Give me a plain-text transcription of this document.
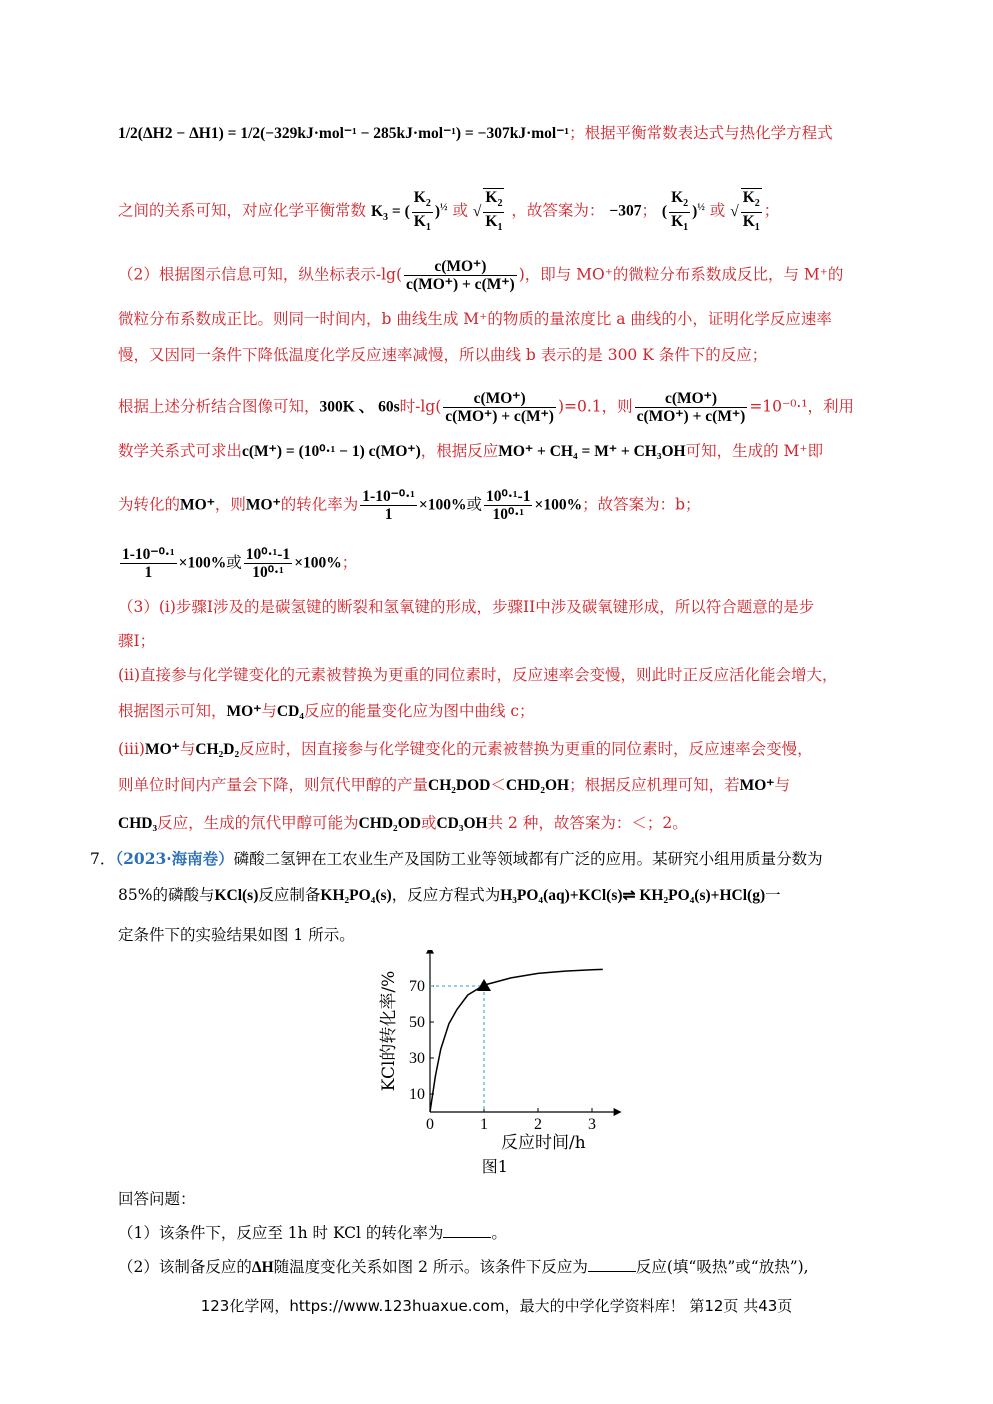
1/2(ΔH2 − ΔH1) = 1/2(−329kJ·mol⁻¹ − 285kJ·mol⁻¹) = −307kJ·mol⁻¹；根据平衡常数表达式与热化学方程式
之间的关系可知，对应化学平衡常数 $K_3$ = ( $\frac{K_2}{K_1} )^{\frac{1}{2}}$ 或 √ $\frac{K_2}{K_1}$ ，故答案为： −307； ( $\frac{K_2}{K_1} )^{\frac{1}{2}}$ 或 √ $\frac{K_2}{K_1}$ ；
（2）根据图示信息可知，纵坐标表示$-\lg( \frac{c(MO^+)}{c(MO^+) + c(M^+)}$ )，即与 MO⁺的微粒分布系数成反比，与 M⁺的
微粒分布系数成正比。则同一时间内，b 曲线生成 M⁺的物质的量浓度比 a 曲线的小，证明化学反应速率
慢，又因同一条件下降低温度化学反应速率减慢，所以曲线 b 表示的是 300 K 条件下的反应；
根据上述分析结合图像可知，300K 、 60s时$-\lg( \frac{c(MO^+)}{c(MO^+) + c(M^+)} )=0.1$，则 $\frac{c(MO^+)}{c(MO^+) + c(M^+)} =10^{-0}\cdot^1$，利用
数学关系式可求出c(M⁺) = (10⁰·¹ − 1) c(MO⁺)，根据反应MO⁺ + CH₄ = M⁺ + CH₃OH可知，生成的 M⁺即
为转化的MO⁺，则MO⁺的转化率为 $\frac{\text{1-10⁻⁰·¹}}{1} \times 100\%$或 $\frac{\text{10⁰·¹-1}}{\text{10⁰·¹}} \times 100\%$；故答案为：b；
$\frac{\text{1-10⁻⁰·¹}}{1} \times 100\%$或 $\frac{\text{10⁰·¹-1}}{\text{10⁰·¹}} \times 100\%$；
（3）(i)步骤I涉及的是碳氢键的断裂和氢氧键的形成，步骤II中涉及碳氧键形成，所以符合题意的是步
骤I；
(ii)直接参与化学键变化的元素被替换为更重的同位素时，反应速率会变慢，则此时正反应活化能会增大，
根据图示可知，MO⁺与CD₄反应的能量变化应为图中曲线 c；
(iii)MO⁺与CH₂D₂反应时，因直接参与化学键变化的元素被替换为更重的同位素时，反应速率会变慢，
则单位时间内产量会下降，则氘代甲醇的产量CH₂DOD＜CHD₂OH；根据反应机理可知，若MO⁺与
CHD₃反应，生成的氘代甲醇可能为CHD₂OD或CD₃OH共 2 种，故答案为：＜；2。
7．（2023·海南卷）磷酸二氢钾在工农业生产及国防工业等领域都有广泛的应用。某研究小组用质量分数为
85%的磷酸与KCl(s)反应制备KH₂PO₄(s)，反应方程式为H₃PO₄(aq)+KCl(s)⇌ KH₂PO₄(s)+HCl(g)一
定条件下的实验结果如图 1 所示。
0	1	2	3
10
30
50
70
反应时间/h
KCl的转化率/%
图1
回答问题：
（1）该条件下，反应至 1h 时 KCl 的转化率为	。
（2）该制备反应的ΔH随温度变化关系如图 2 所示。该条件下反应为	反应(填“吸热”或“放热”),
123化学网，https://www.123huaxue.com，最大的中学化学资料库！ 第12页 共43页
